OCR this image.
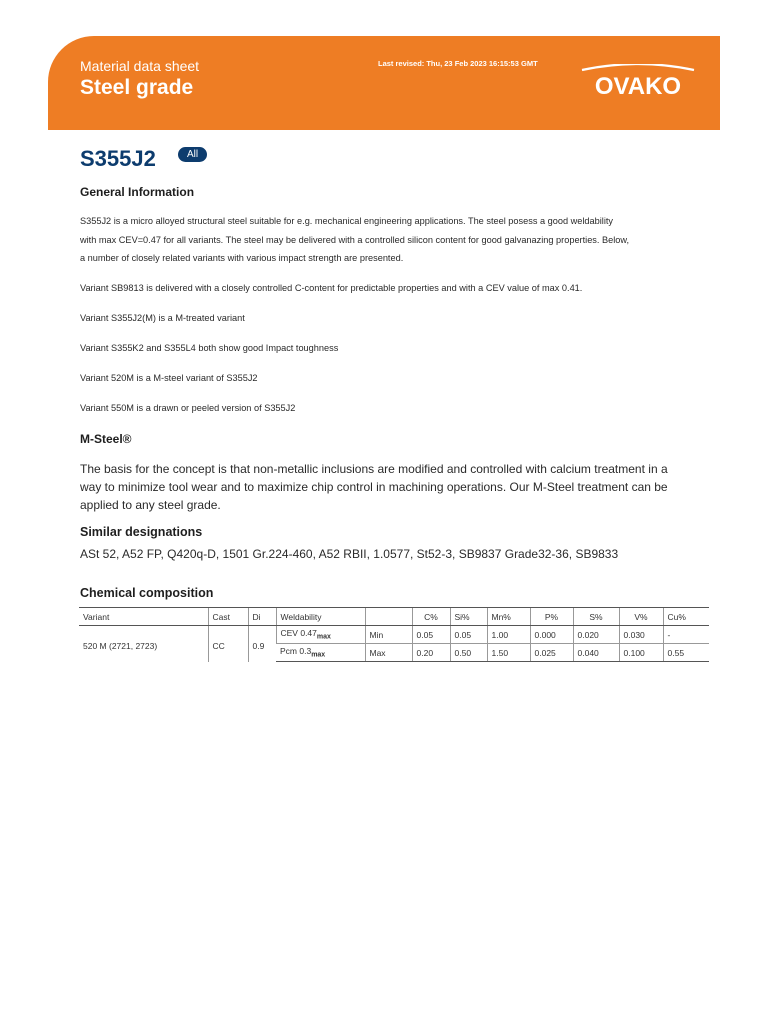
Material data sheet
Steel grade
Last revised: Thu, 23 Feb 2023 16:15:53 GMT
OVAKO
S355J2	All
General Information
S355J2 is a micro alloyed structural steel suitable for e.g. mechanical engineering applications. The steel posess a good weldability
with max CEV=0.47 for all variants. The steel may be delivered with a controlled silicon content for good galvanazing properties. Below,
a number of closely related variants with various impact strength are presented.
Variant SB9813 is delivered with a closely controlled C-content for predictable properties and with a CEV value of max 0.41.
Variant S355J2(M) is a M-treated variant
Variant S355K2 and S355L4 both show good Impact toughness
Variant 520M is a M-steel variant of S355J2
Variant 550M is a drawn or peeled version of S355J2
M-Steel®
The basis for the concept is that non-metallic inclusions are modified and controlled with calcium treatment in a
way to minimize tool wear and to maximize chip control in machining operations. Our M-Steel treatment can be
applied to any steel grade.
Similar designations
ASt 52, A52 FP, Q420q-D, 1501 Gr.224-460, A52 RBII, 1.0577, St52-3, SB9837 Grade32-36, SB9833
Chemical composition
Variant	Cast	Di	Weldability		C%	Si%	Mn%	P%	S%	V%	Cu%
520 M (2721, 2723)	CC	0.9	CEV $0.47_{max}$	Min	0.05	0.05	1.00	0.000	0.020	0.030	-
			Pcm $0.3_{max}$	Max	0.20	0.50	1.50	0.025	0.040	0.100	0.55
